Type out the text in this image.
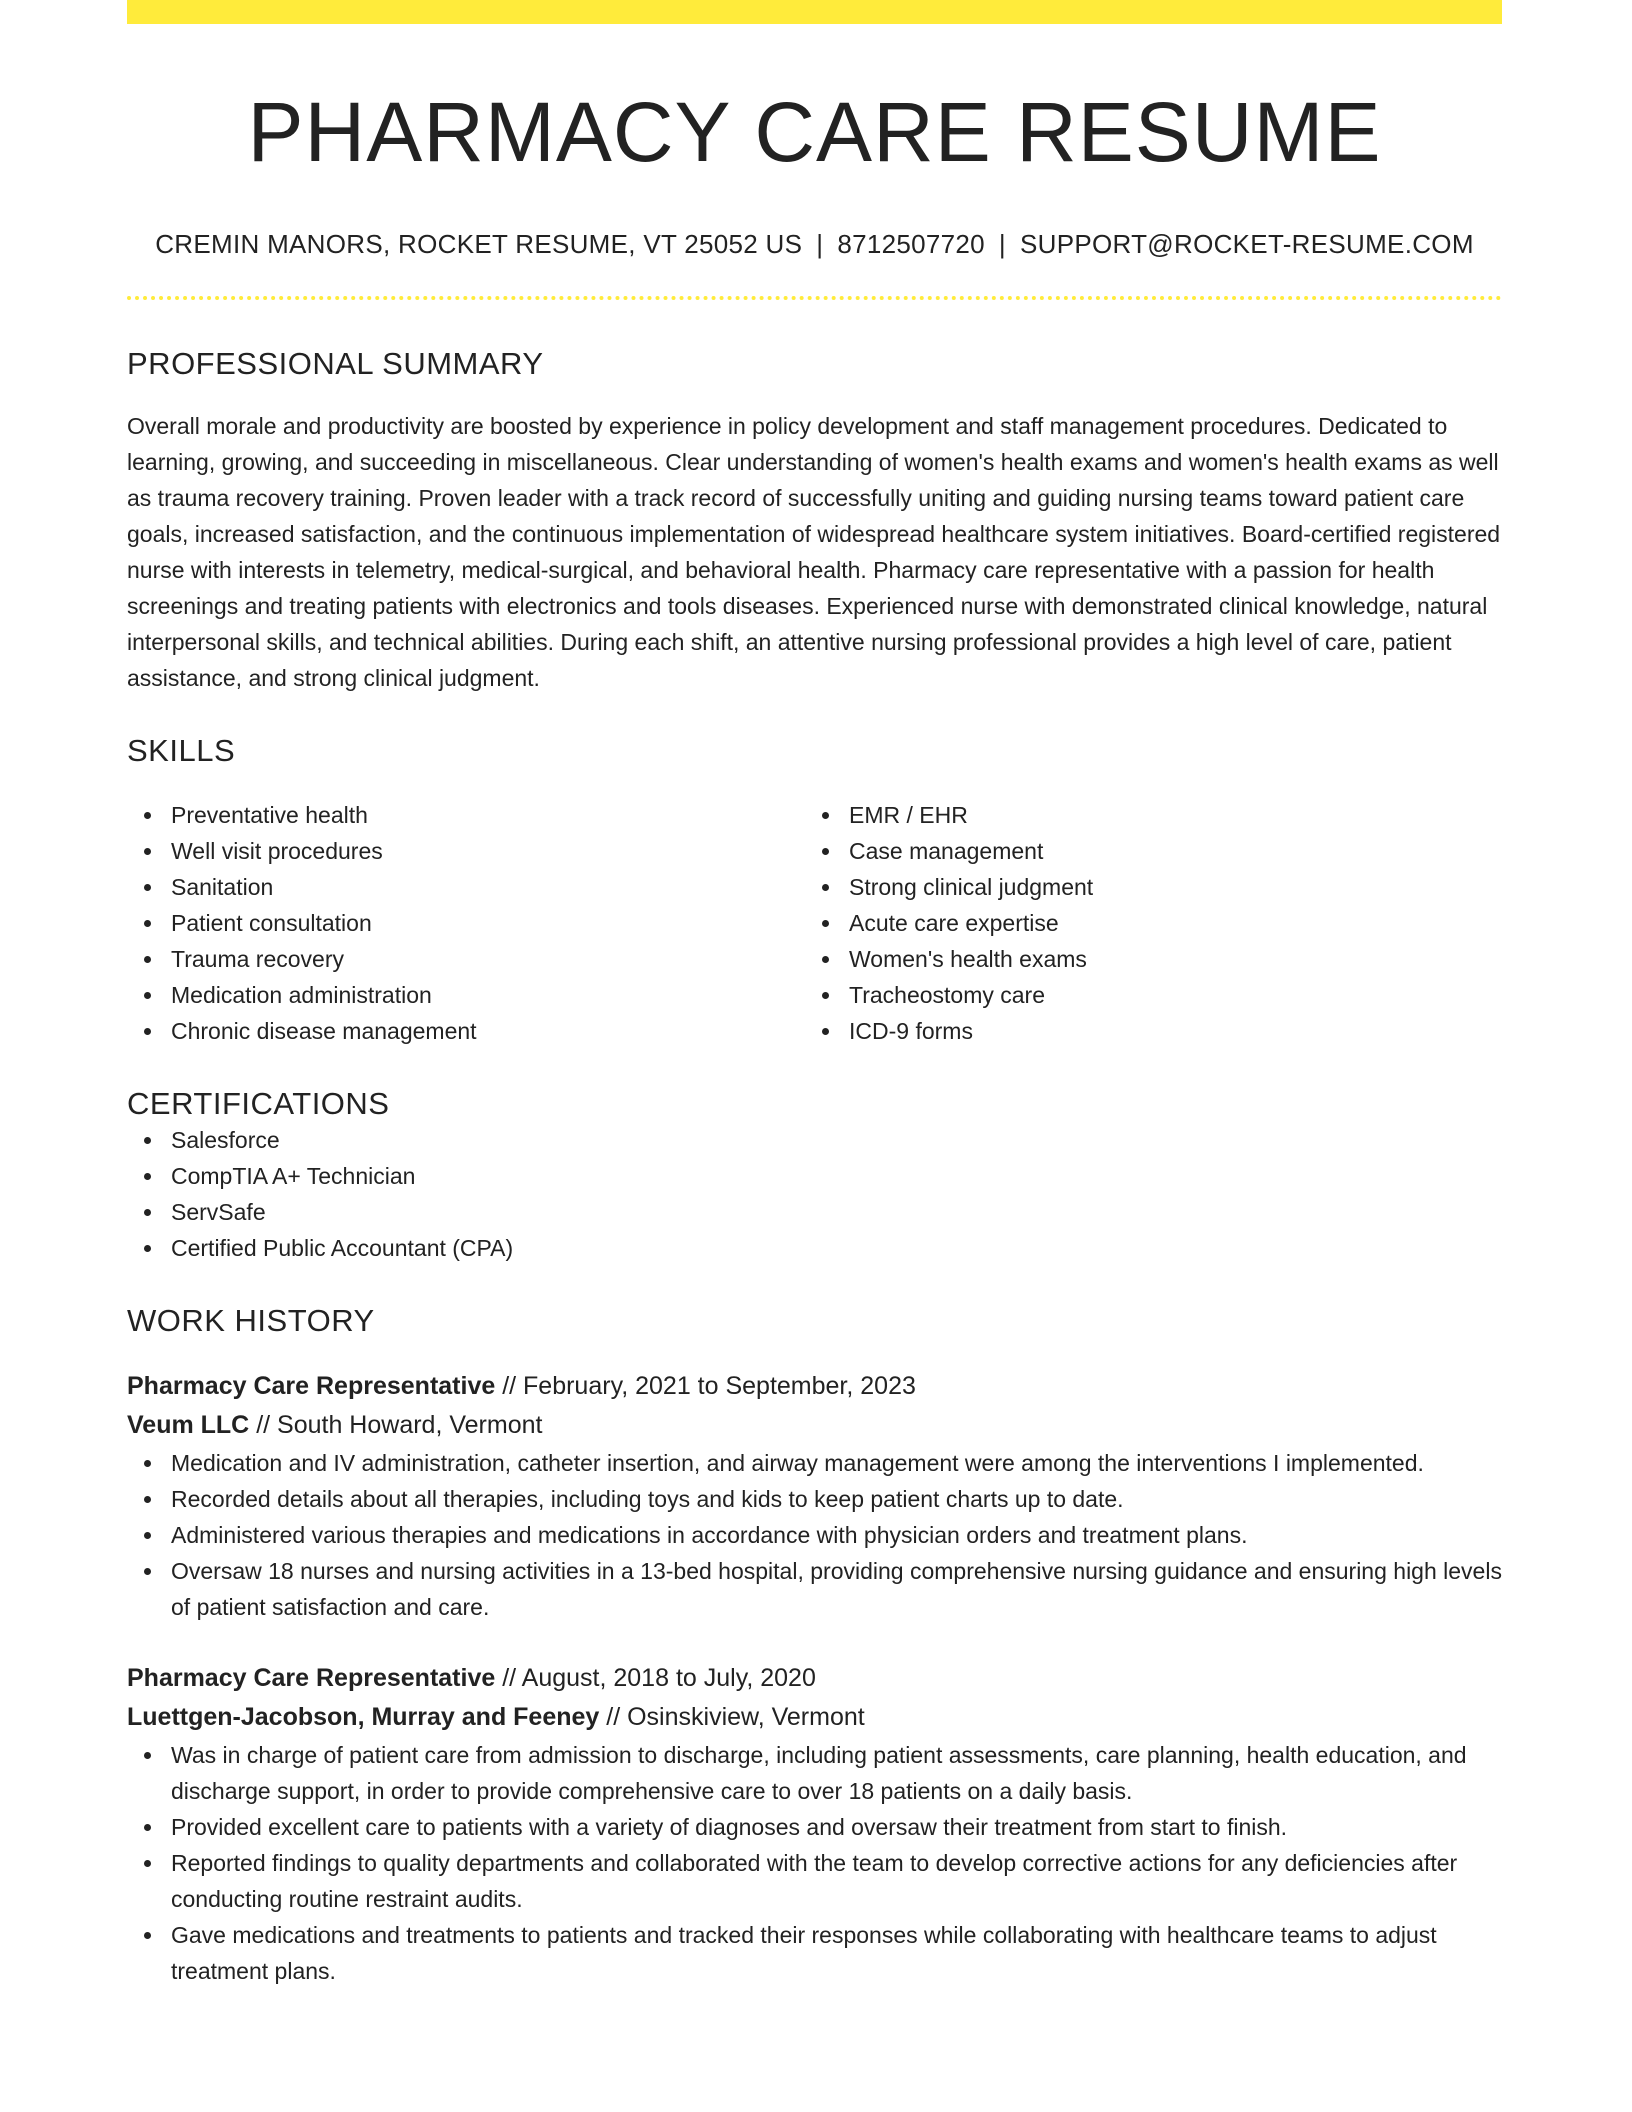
PHARMACY CARE RESUME
CREMIN MANORS, ROCKET RESUME, VT 25052 US | 8712507720 | SUPPORT@ROCKET-RESUME.COM
PROFESSIONAL SUMMARY

Overall morale and productivity are boosted by experience in policy development and staff management procedures. Dedicated to learning, growing, and succeeding in miscellaneous. Clear understanding of women's health exams and women's health exams as well as trauma recovery training. Proven leader with a track record of successfully uniting and guiding nursing teams toward patient care goals, increased satisfaction, and the continuous implementation of widespread healthcare system initiatives. Board-certified registered nurse with interests in telemetry, medical-surgical, and behavioral health. Pharmacy care representative with a passion for health screenings and treating patients with electronics and tools diseases. Experienced nurse with demonstrated clinical knowledge, natural interpersonal skills, and technical abilities. During each shift, an attentive nursing professional provides a high level of care, patient assistance, and strong clinical judgment.

SKILLS
Preventative health
Well visit procedures
Sanitation
Patient consultation
Trauma recovery
Medication administration
Chronic disease management
EMR / EHR
Case management
Strong clinical judgment
Acute care expertise
Women's health exams
Tracheostomy care
ICD-9 forms
CERTIFICATIONS
Salesforce
CompTIA A+ Technician
ServSafe
Certified Public Accountant (CPA)
WORK HISTORY
Pharmacy Care Representative // February, 2021 to September, 2023
Veum LLC // South Howard, Vermont
Medication and IV administration, catheter insertion, and airway management were among the interventions I implemented.
Recorded details about all therapies, including toys and kids to keep patient charts up to date.
Administered various therapies and medications in accordance with physician orders and treatment plans.
Oversaw 18 nurses and nursing activities in a 13-bed hospital, providing comprehensive nursing guidance and ensuring high levels of patient satisfaction and care.
Pharmacy Care Representative // August, 2018 to July, 2020
Luettgen-Jacobson, Murray and Feeney // Osinskiview, Vermont
Was in charge of patient care from admission to discharge, including patient assessments, care planning, health education, and discharge support, in order to provide comprehensive care to over 18 patients on a daily basis.
Provided excellent care to patients with a variety of diagnoses and oversaw their treatment from start to finish.
Reported findings to quality departments and collaborated with the team to develop corrective actions for any deficiencies after conducting routine restraint audits.
Gave medications and treatments to patients and tracked their responses while collaborating with healthcare teams to adjust treatment plans.
